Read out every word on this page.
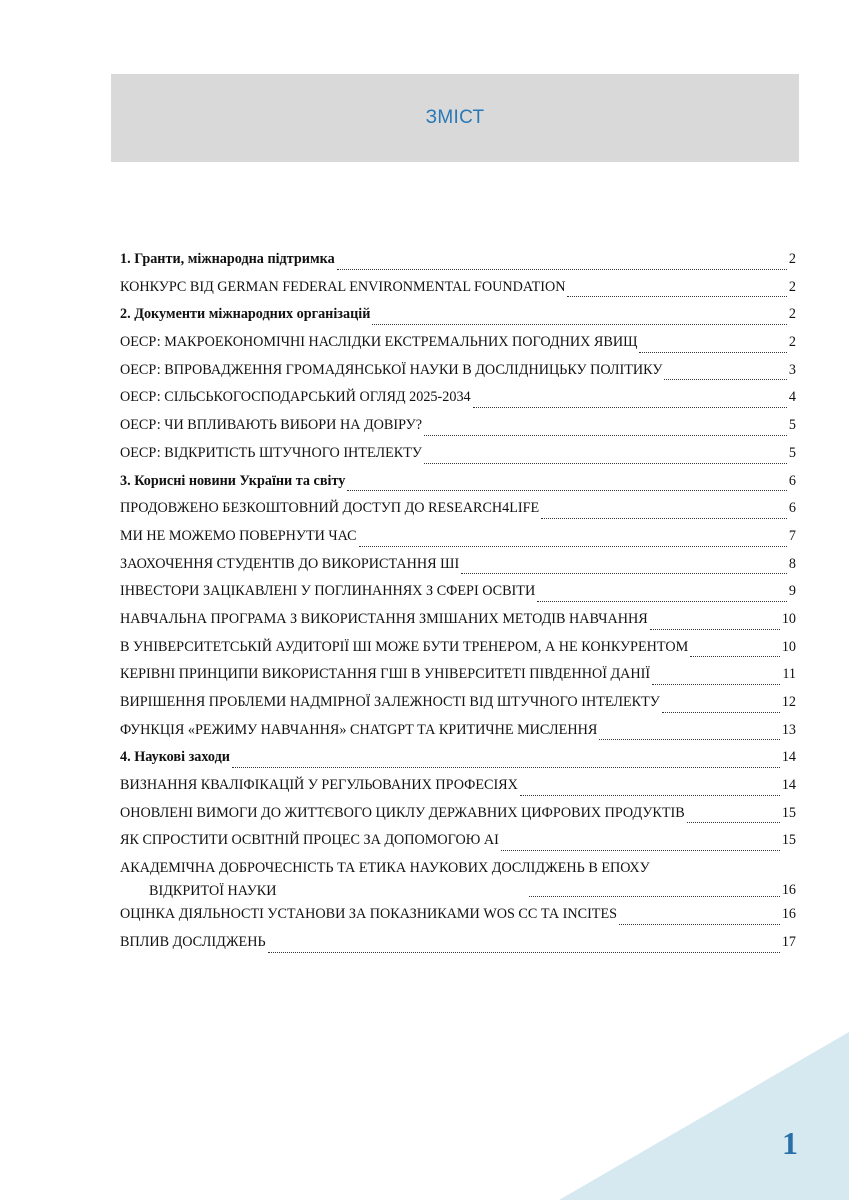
ЗМІСТ
1. Гранти, міжнародна підтримка	2
КОНКУРС ВІД GERMAN FEDERAL ENVIRONMENTAL FOUNDATION	2
2. Документи міжнародних організацій	2
ОЕСР: МАКРОЕКОНОМІЧНІ НАСЛІДКИ ЕКСТРЕМАЛЬНИХ ПОГОДНИХ ЯВИЩ	2
ОЕСР: ВПРОВАДЖЕННЯ ГРОМАДЯНСЬКОЇ НАУКИ В ДОСЛІДНИЦЬКУ ПОЛІТИКУ	3
ОЕСР: СІЛЬСЬКОГОСПОДАРСЬКИЙ ОГЛЯД 2025-2034	4
ОЕСР: ЧИ ВПЛИВАЮТЬ ВИБОРИ НА ДОВІРУ?	5
ОЕСР: ВІДКРИТІСТЬ ШТУЧНОГО ІНТЕЛЕКТУ	5
3. Корисні новини України та світу	6
ПРОДОВЖЕНО БЕЗКОШТОВНИЙ ДОСТУП ДО RESEARCH4LIFE	6
МИ НЕ МОЖЕМО ПОВЕРНУТИ ЧАС	7
ЗАОХОЧЕННЯ СТУДЕНТІВ ДО ВИКОРИСТАННЯ ШІ	8
ІНВЕСТОРИ ЗАЦІКАВЛЕНІ У ПОГЛИНАННЯХ З СФЕРІ ОСВІТИ	9
НАВЧАЛЬНА ПРОГРАМА З ВИКОРИСТАННЯ ЗМІШАНИХ МЕТОДІВ НАВЧАННЯ	10
В УНІВЕРСИТЕТСЬКІЙ АУДИТОРІЇ ШІ МОЖЕ БУТИ ТРЕНЕРОМ, А НЕ КОНКУРЕНТОМ	10
КЕРІВНІ ПРИНЦИПИ ВИКОРИСТАННЯ ГШІ В УНІВЕРСИТЕТІ ПІВДЕННОЇ ДАНІЇ	11
ВИРІШЕННЯ ПРОБЛЕМИ НАДМІРНОЇ ЗАЛЕЖНОСТІ ВІД ШТУЧНОГО ІНТЕЛЕКТУ	12
ФУНКЦІЯ «РЕЖИМУ НАВЧАННЯ» CHATGPT ТА КРИТИЧНЕ МИСЛЕННЯ	13
4. Наукові заходи	14
ВИЗНАННЯ КВАЛІФІКАЦІЙ У РЕГУЛЬОВАНИХ ПРОФЕСІЯХ	14
ОНОВЛЕНІ ВИМОГИ ДО ЖИТТЄВОГО ЦИКЛУ ДЕРЖАВНИХ ЦИФРОВИХ ПРОДУКТІВ	15
ЯК СПРОСТИТИ ОСВІТНІЙ ПРОЦЕС ЗА ДОПОМОГОЮ AI	15
АКАДЕМІЧНА ДОБРОЧЕСНІСТЬ ТА ЕТИКА НАУКОВИХ ДОСЛІДЖЕНЬ В ЕПОХУ
ВІДКРИТОЇ НАУКИ	16
ОЦІНКА ДІЯЛЬНОСТІ УСТАНОВИ ЗА ПОКАЗНИКАМИ WOS CC ТА INCITES	16
ВПЛИВ ДОСЛІДЖЕНЬ	17
1
